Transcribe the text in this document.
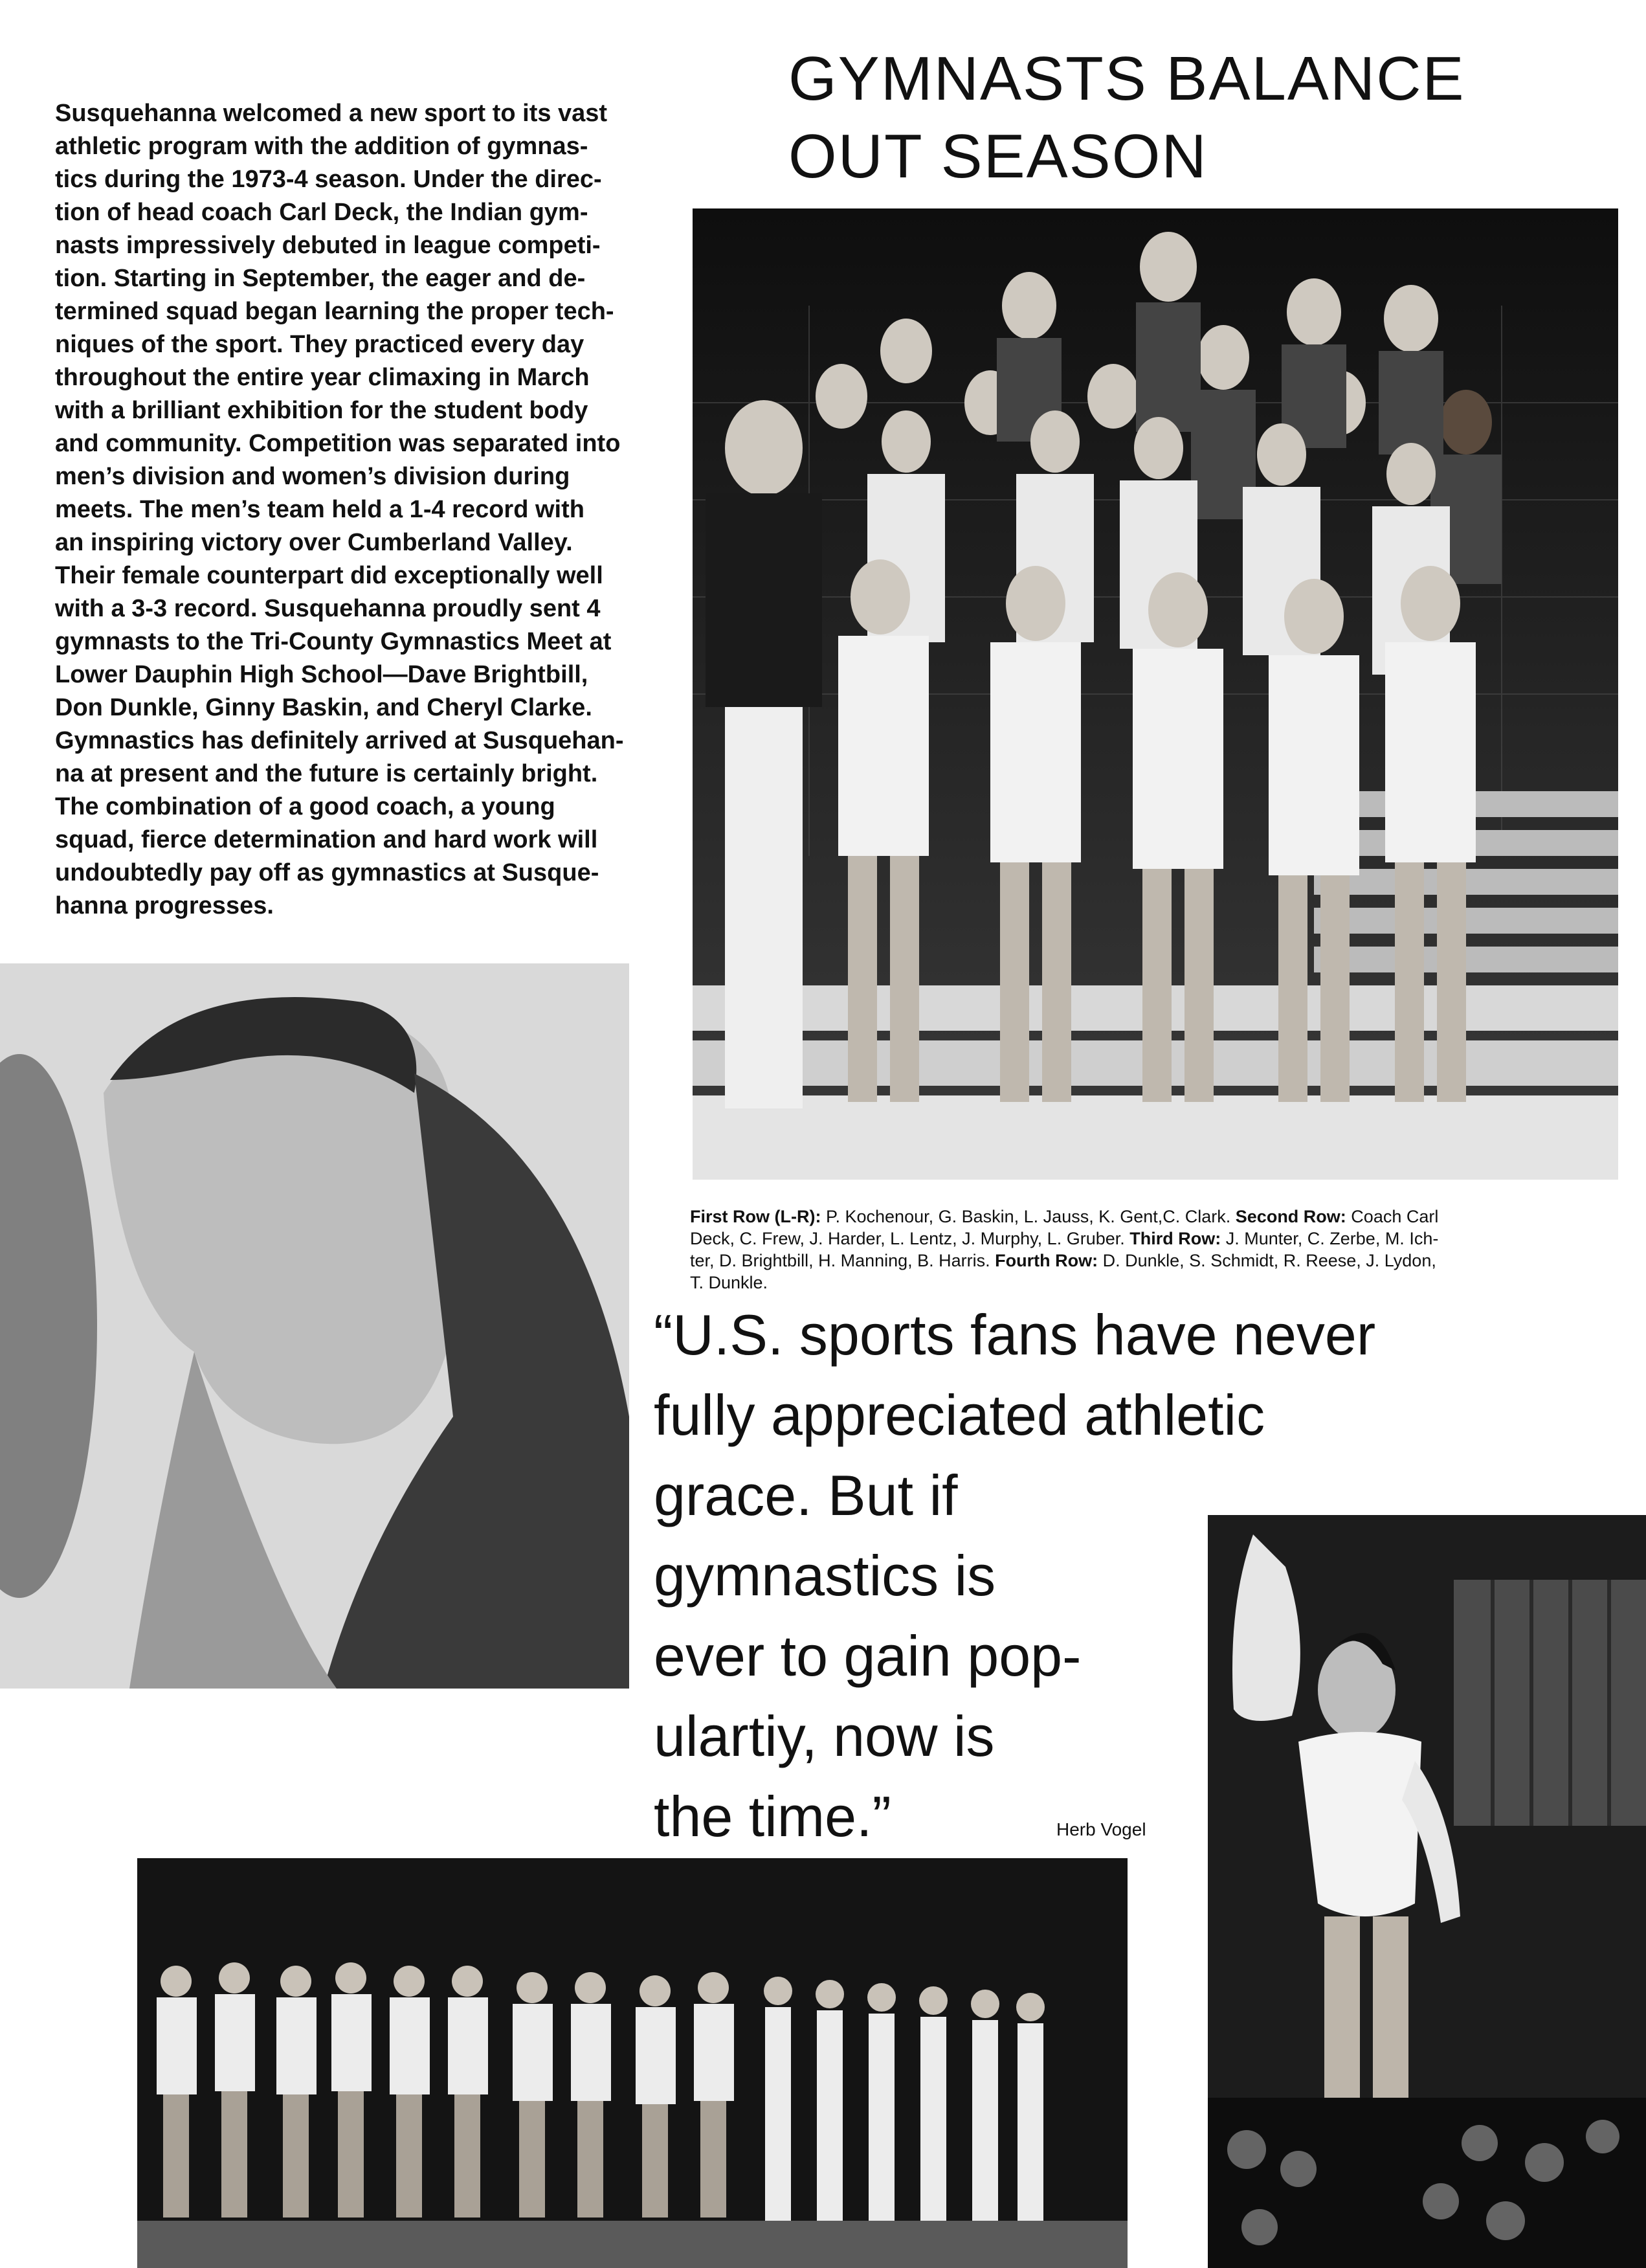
GYMNASTS BALANCE
OUT SEASON
Susquehanna welcomed a new sport to its vast
athletic program with the addition of gymnas-
tics during the 1973-4 season. Under the direc-
tion of head coach Carl Deck, the Indian gym-
nasts impressively debuted in league competi-
tion. Starting in September, the eager and de-
termined squad began learning the proper tech-
niques of the sport. They practiced every day
throughout the entire year climaxing in March
with a brilliant exhibition for the student body
and community. Competition was separated into
men’s division and women’s division during
meets. The men’s team held a 1-4 record with
an inspiring victory over Cumberland Valley.
Their female counterpart did exceptionally well
with a 3-3 record. Susquehanna proudly sent 4
gymnasts to the Tri-County Gymnastics Meet at
Lower Dauphin High School—Dave Brightbill,
Don Dunkle, Ginny Baskin, and Cheryl Clarke.
Gymnastics has definitely arrived at Susquehan-
na at present and the future is certainly bright.
The combination of a good coach, a young
squad, fierce determination and hard work will
undoubtedly pay off as gymnastics at Susque-
hanna progresses.
First Row (L-R): P. Kochenour, G. Baskin, L. Jauss, K. Gent,C. Clark. Second Row: Coach Carl
Deck, C. Frew, J. Harder, L. Lentz, J. Murphy, L. Gruber. Third Row: J. Munter, C. Zerbe, M. Ich-
ter, D. Brightbill, H. Manning, B. Harris. Fourth Row: D. Dunkle, S. Schmidt, R. Reese, J. Lydon,
T. Dunkle.
“U.S. sports fans have never
fully appreciated athletic
grace. But if
gymnastics is
ever to gain pop-
ulartiy, now is
the time.”	Herb Vogel
